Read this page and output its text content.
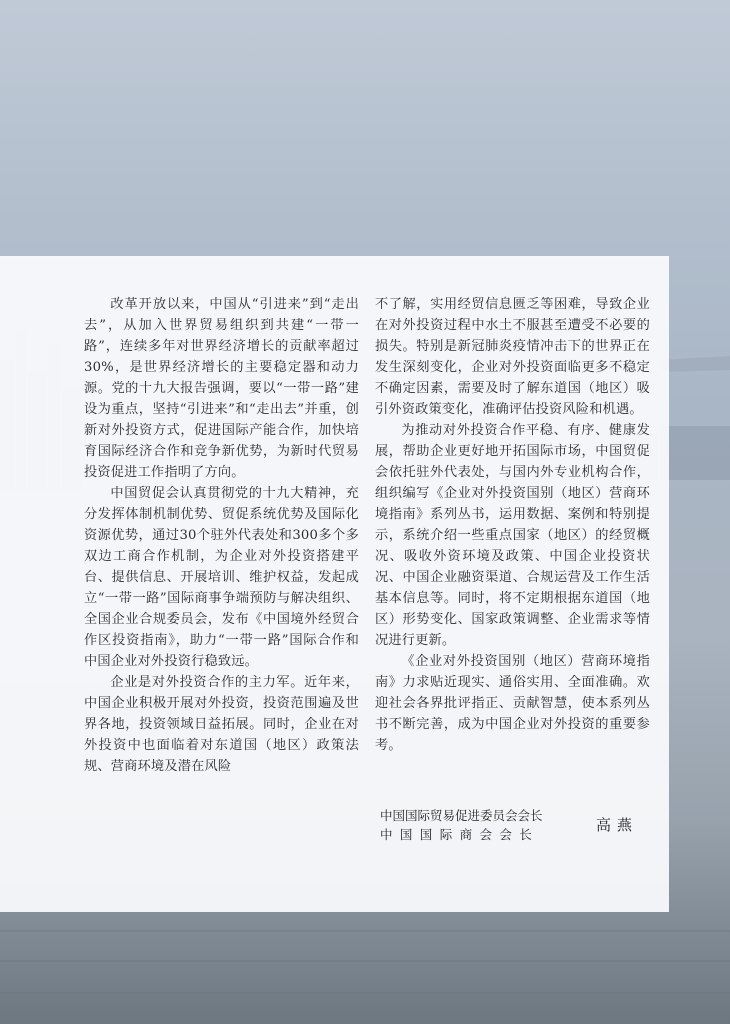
改革开放以来，中国从“引进来”到“走出去”，从加入世界贸易组织到共建“一带一路”，连续多年对世界经济增长的贡献率超过30%，是世界经济增长的主要稳定器和动力源。党的十九大报告强调，要以“一带一路”建设为重点，坚持“引进来”和“走出去”并重，创新对外投资方式，促进国际产能合作，加快培育国际经济合作和竞争新优势，为新时代贸易投资促进工作指明了方向。

中国贸促会认真贯彻党的十九大精神，充分发挥体制机制优势、贸促系统优势及国际化资源优势，通过30个驻外代表处和300多个多双边工商合作机制，为企业对外投资搭建平台、提供信息、开展培训、维护权益，发起成立“一带一路”国际商事争端预防与解决组织、全国企业合规委员会，发布《中国境外经贸合作区投资指南》，助力“一带一路”国际合作和中国企业对外投资行稳致远。

企业是对外投资合作的主力军。近年来，中国企业积极开展对外投资，投资范围遍及世界各地，投资领域日益拓展。同时，企业在对外投资中也面临着对东道国（地区）政策法规、营商环境及潜在风险

不了解，实用经贸信息匮乏等困难，导致企业在对外投资过程中水土不服甚至遭受不必要的损失。特别是新冠肺炎疫情冲击下的世界正在发生深刻变化，企业对外投资面临更多不稳定不确定因素，需要及时了解东道国（地区）吸引外资政策变化，准确评估投资风险和机遇。

为推动对外投资合作平稳、有序、健康发展，帮助企业更好地开拓国际市场，中国贸促会依托驻外代表处，与国内外专业机构合作，组织编写《企业对外投资国别（地区）营商环境指南》系列丛书，运用数据、案例和特别提示，系统介绍一些重点国家（地区）的经贸概况、吸收外资环境及政策、中国企业投资状况、中国企业融资渠道、合规运营及工作生活基本信息等。同时，将不定期根据东道国（地区）形势变化、国家政策调整、企业需求等情况进行更新。

《企业对外投资国别（地区）营商环境指南》力求贴近现实、通俗实用、全面准确。欢迎社会各界批评指正、贡献智慧，使本系列丛书不断完善，成为中国企业对外投资的重要参考。

中国国际贸易促进委员会会长
中国国际商会会长
高燕
